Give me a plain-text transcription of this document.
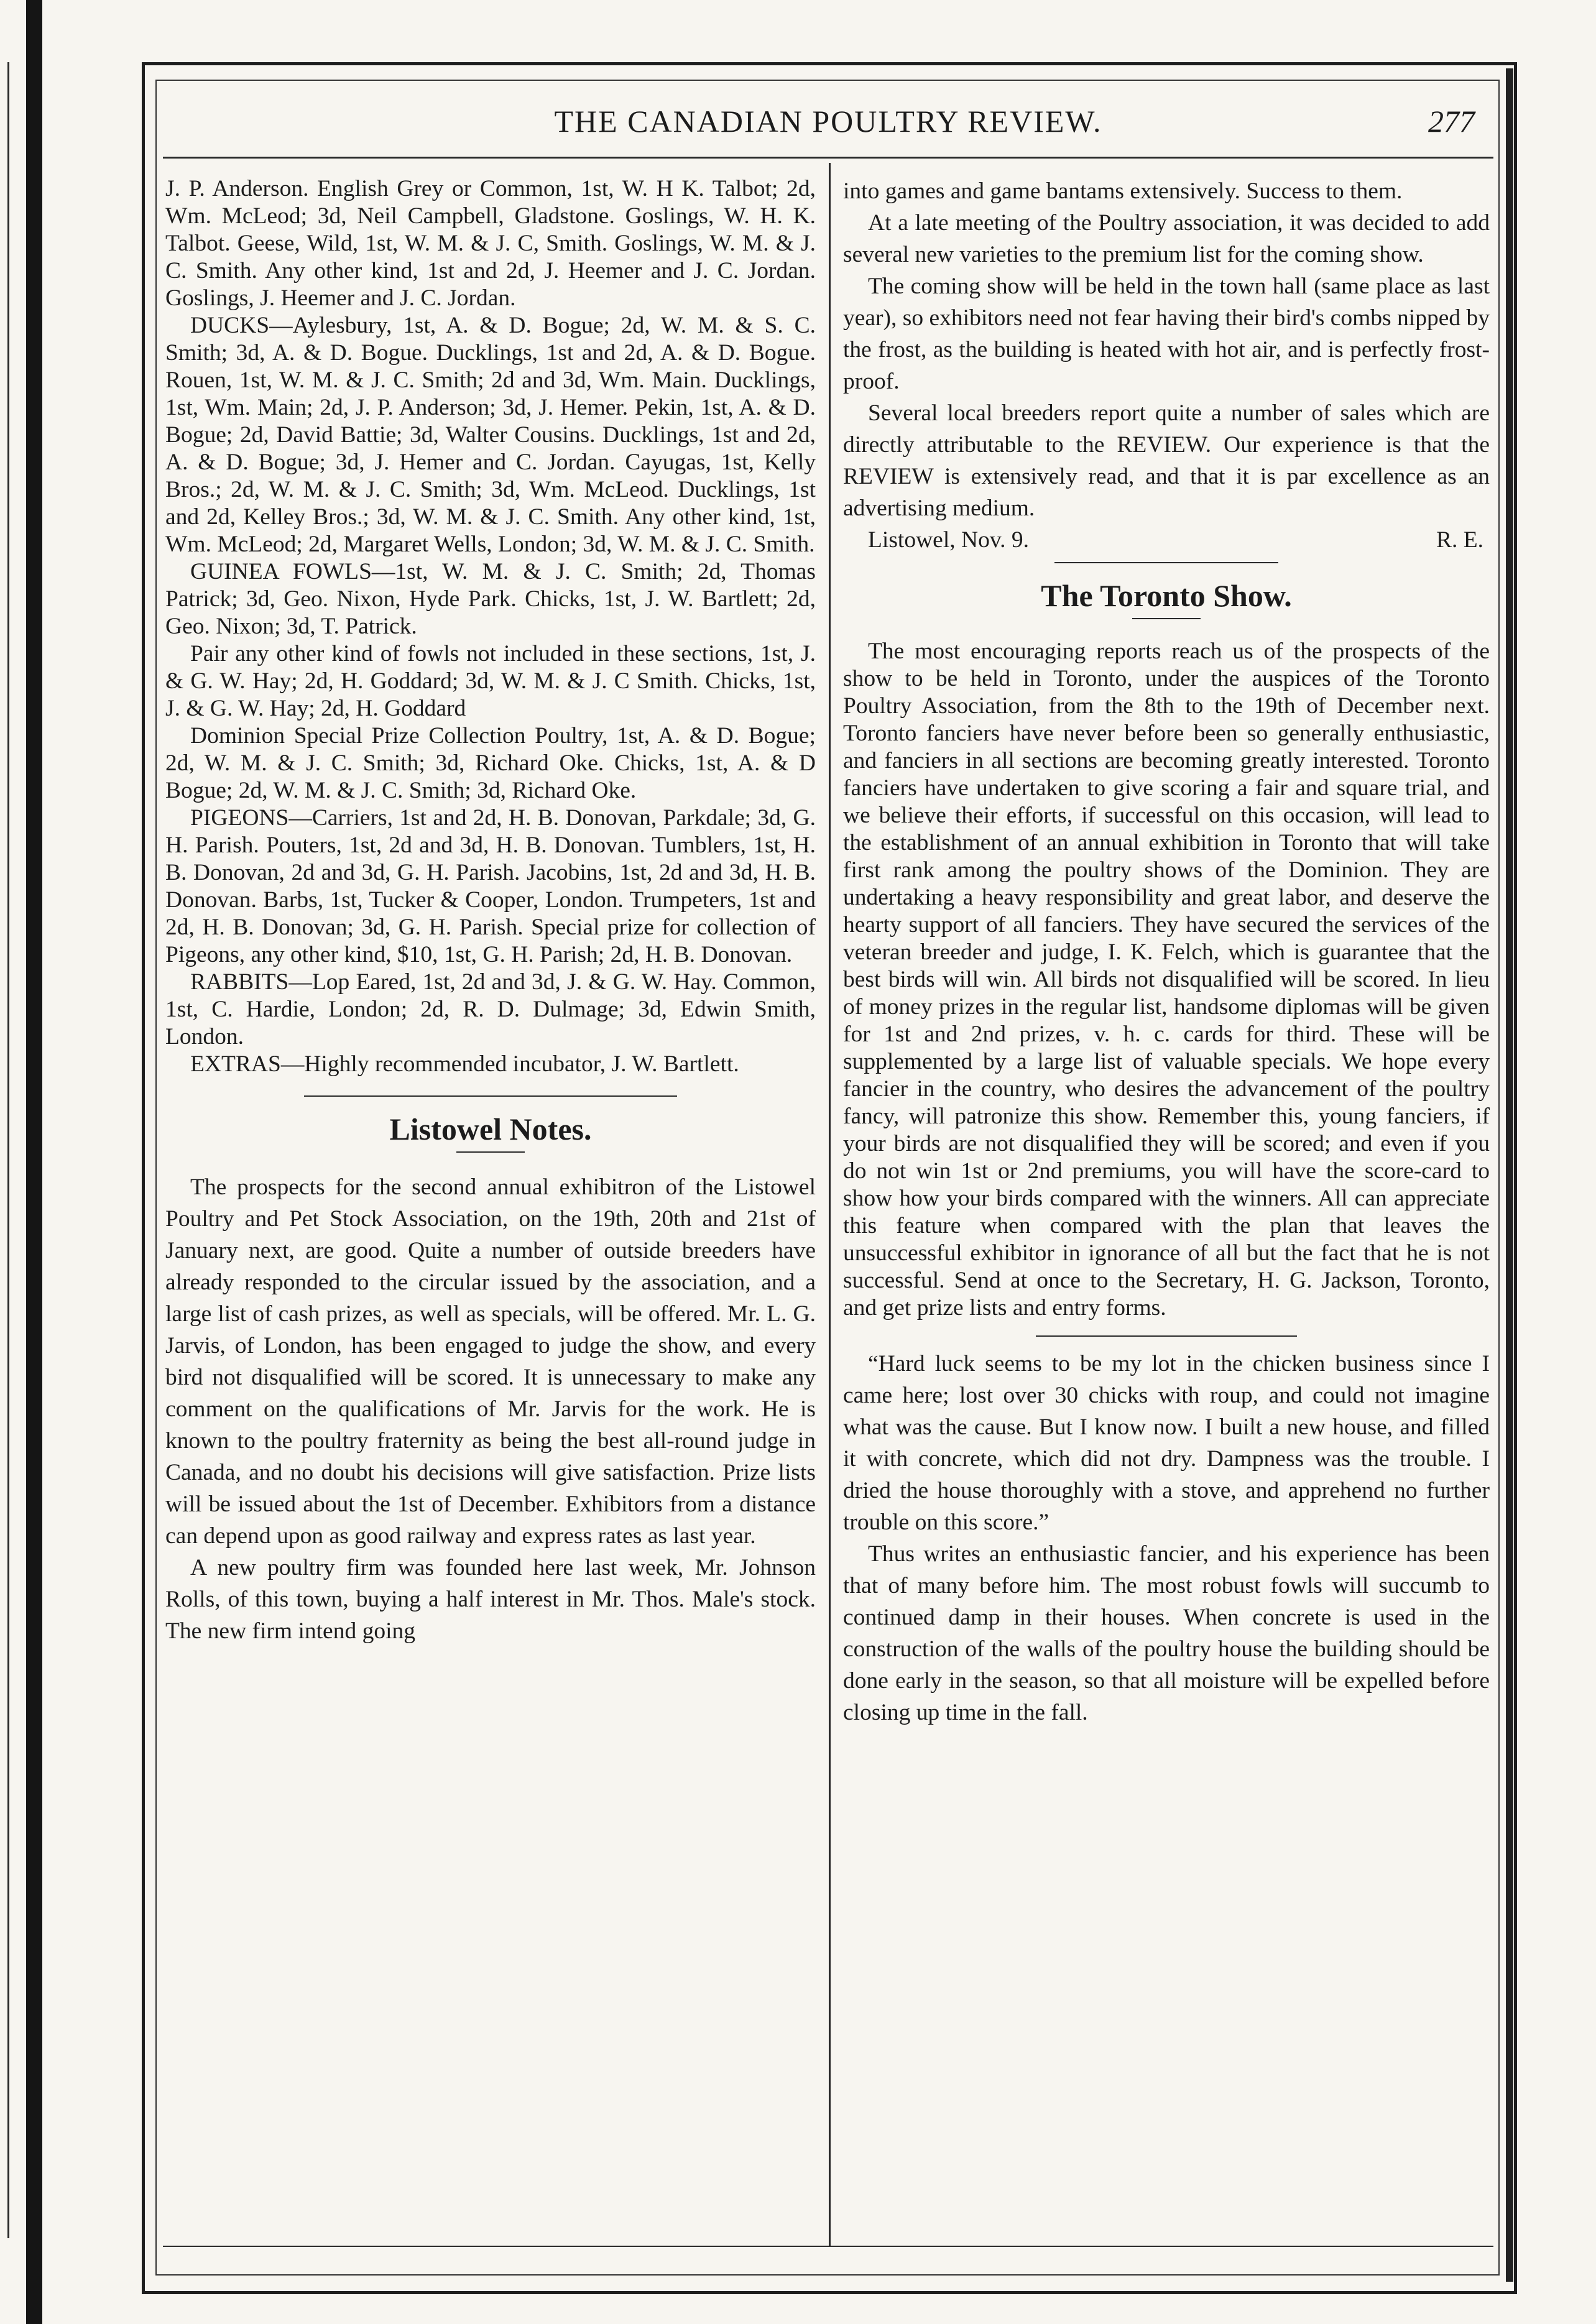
THE CANADIAN POULTRY REVIEW.	277

J. P. Anderson. English Grey or Common, 1st, W. H K. Talbot; 2d, Wm. McLeod; 3d, Neil Campbell, Gladstone. Goslings, W. H. K. Talbot. Geese, Wild, 1st, W. M. & J. C, Smith. Goslings, W. M. & J. C. Smith. Any other kind, 1st and 2d, J. Heemer and J. C. Jordan. Goslings, J. Heemer and J. C. Jordan.

DUCKS—Aylesbury, 1st, A. & D. Bogue; 2d, W. M. & S. C. Smith; 3d, A. & D. Bogue. Ducklings, 1st and 2d, A. & D. Bogue. Rouen, 1st, W. M. & J. C. Smith; 2d and 3d, Wm. Main. Ducklings, 1st, Wm. Main; 2d, J. P. Anderson; 3d, J. Hemer. Pekin, 1st, A. & D. Bogue; 2d, David Battie; 3d, Walter Cousins. Ducklings, 1st and 2d, A. & D. Bogue; 3d, J. Hemer and C. Jordan. Cayugas, 1st, Kelly Bros.; 2d, W. M. & J. C. Smith; 3d, Wm. McLeod. Ducklings, 1st and 2d, Kelley Bros.; 3d, W. M. & J. C. Smith. Any other kind, 1st, Wm. McLeod; 2d, Margaret Wells, London; 3d, W. M. & J. C. Smith.

GUINEA FOWLS—1st, W. M. & J. C. Smith; 2d, Thomas Patrick; 3d, Geo. Nixon, Hyde Park. Chicks, 1st, J. W. Bartlett; 2d, Geo. Nixon; 3d, T. Patrick.

Pair any other kind of fowls not included in these sections, 1st, J. & G. W. Hay; 2d, H. Goddard; 3d, W. M. & J. C Smith. Chicks, 1st, J. & G. W. Hay; 2d, H. Goddard

Dominion Special Prize Collection Poultry, 1st, A. & D. Bogue; 2d, W. M. & J. C. Smith; 3d, Richard Oke. Chicks, 1st, A. & D Bogue; 2d, W. M. & J. C. Smith; 3d, Richard Oke.

PIGEONS—Carriers, 1st and 2d, H. B. Donovan, Parkdale; 3d, G. H. Parish. Pouters, 1st, 2d and 3d, H. B. Donovan. Tumblers, 1st, H. B. Donovan, 2d and 3d, G. H. Parish. Jacobins, 1st, 2d and 3d, H. B. Donovan. Barbs, 1st, Tucker & Cooper, London. Trumpeters, 1st and 2d, H. B. Donovan; 3d, G. H. Parish. Special prize for collection of Pigeons, any other kind, $10, 1st, G. H. Parish; 2d, H. B. Donovan.

RABBITS—Lop Eared, 1st, 2d and 3d, J. & G. W. Hay. Common, 1st, C. Hardie, London; 2d, R. D. Dulmage; 3d, Edwin Smith, London.

EXTRAS—Highly recommended incubator, J. W. Bartlett.

Listowel Notes.

The prospects for the second annual exhibitron of the Listowel Poultry and Pet Stock Association, on the 19th, 20th and 21st of January next, are good. Quite a number of outside breeders have already responded to the circular issued by the association, and a large list of cash prizes, as well as specials, will be offered. Mr. L. G. Jarvis, of London, has been engaged to judge the show, and every bird not disqualified will be scored. It is unnecessary to make any comment on the qualifications of Mr. Jarvis for the work. He is known to the poultry fraternity as being the best all-round judge in Canada, and no doubt his decisions will give satisfaction. Prize lists will be issued about the 1st of December. Exhibitors from a distance can depend upon as good railway and express rates as last year.

A new poultry firm was founded here last week, Mr. Johnson Rolls, of this town, buying a half interest in Mr. Thos. Male's stock. The new firm intend going

into games and game bantams extensively. Success to them.

At a late meeting of the Poultry association, it was decided to add several new varieties to the premium list for the coming show.

The coming show will be held in the town hall (same place as last year), so exhibitors need not fear having their bird's combs nipped by the frost, as the building is heated with hot air, and is perfectly frost-proof.

Several local breeders report quite a number of sales which are directly attributable to the REVIEW. Our experience is that the REVIEW is extensively read, and that it is par excellence as an advertising medium.

Listowel, Nov. 9.	R. E.
The Toronto Show.

The most encouraging reports reach us of the prospects of the show to be held in Toronto, under the auspices of the Toronto Poultry Association, from the 8th to the 19th of December next. Toronto fanciers have never before been so generally enthusiastic, and fanciers in all sections are becoming greatly interested. Toronto fanciers have undertaken to give scoring a fair and square trial, and we believe their efforts, if successful on this occasion, will lead to the establishment of an annual exhibition in Toronto that will take first rank among the poultry shows of the Dominion. They are undertaking a heavy responsibility and great labor, and deserve the hearty support of all fanciers. They have secured the services of the veteran breeder and judge, I. K. Felch, which is guarantee that the best birds will win. All birds not disqualified will be scored. In lieu of money prizes in the regular list, handsome diplomas will be given for 1st and 2nd prizes, v. h. c. cards for third. These will be supplemented by a large list of valuable specials. We hope every fancier in the country, who desires the advancement of the poultry fancy, will patronize this show. Remember this, young fanciers, if your birds are not disqualified they will be scored; and even if you do not win 1st or 2nd premiums, you will have the score-card to show how your birds compared with the winners. All can appreciate this feature when compared with the plan that leaves the unsuccessful exhibitor in ignorance of all but the fact that he is not successful. Send at once to the Secretary, H. G. Jackson, Toronto, and get prize lists and entry forms.

“Hard luck seems to be my lot in the chicken business since I came here; lost over 30 chicks with roup, and could not imagine what was the cause. But I know now. I built a new house, and filled it with concrete, which did not dry. Dampness was the trouble. I dried the house thoroughly with a stove, and apprehend no further trouble on this score.”

Thus writes an enthusiastic fancier, and his experience has been that of many before him. The most robust fowls will succumb to continued damp in their houses. When concrete is used in the construction of the walls of the poultry house the building should be done early in the season, so that all moisture will be expelled before closing up time in the fall.
